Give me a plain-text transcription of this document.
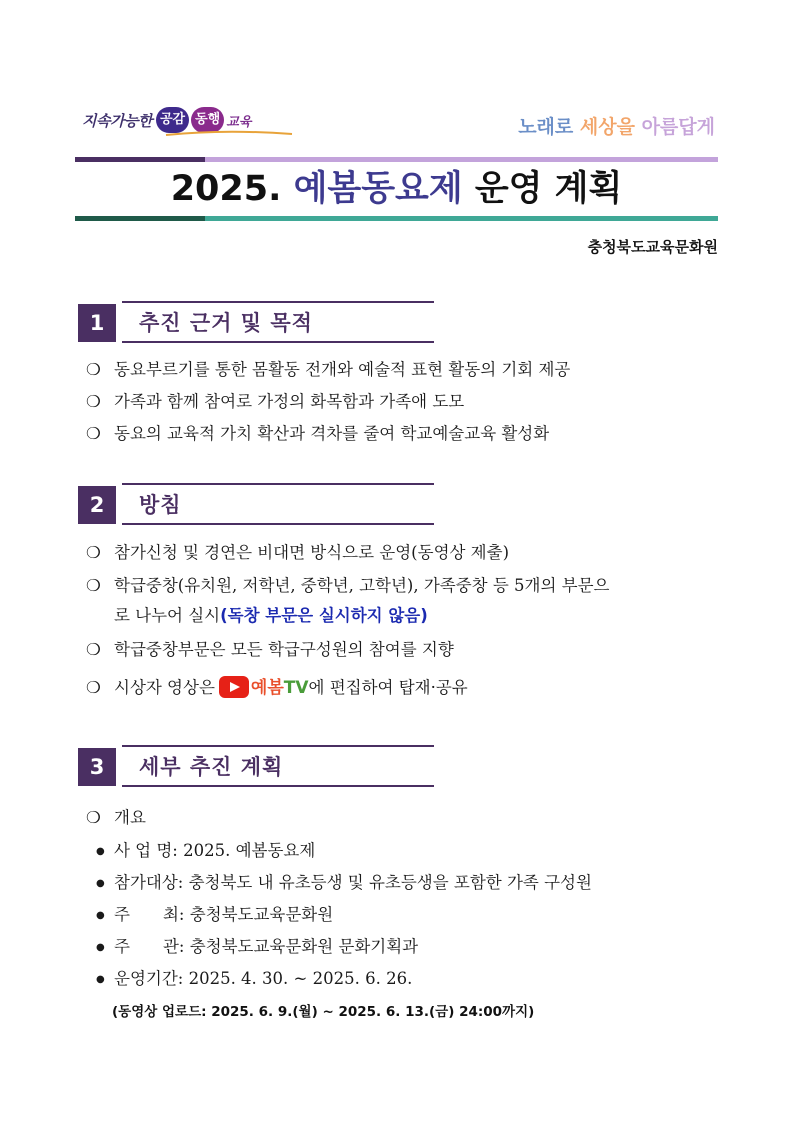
지속가능한 공감 동행 교육	노래로 세상을 아름답게
2025. 예봄동요제 운영 계획
충청북도교육문화원
1	추진 근거 및 목적
❍ 동요부르기를 통한 몸활동 전개와 예술적 표현 활동의 기회 제공
❍ 가족과 함께 참여로 가정의 화목함과 가족애 도모
❍ 동요의 교육적 가치 확산과 격차를 줄여 학교예술교육 활성화
2	방침
❍ 참가신청 및 경연은 비대면 방식으로 운영(동영상 제출)
❍ 학급중창(유치원, 저학년, 중학년, 고학년), 가족중창 등 5개의 부문으
로 나누어 실시(독창 부문은 실시하지 않음)
❍ 학급중창부문은 모든 학급구성원의 참여를 지향
❍ 시상자 영상은 예봄TV에 편집하여 탑재·공유
3	세부 추진 계획
❍ 개요
● 사 업 명: 2025. 예봄동요제
● 참가대상: 충청북도 내 유초등생 및 유초등생을 포함한 가족 구성원
● 주　　최: 충청북도교육문화원
● 주　　관: 충청북도교육문화원 문화기획과
● 운영기간: 2025. 4. 30. ~ 2025. 6. 26.
(동영상 업로드: 2025. 6. 9.(월) ~ 2025. 6. 13.(금) 24:00까지)
